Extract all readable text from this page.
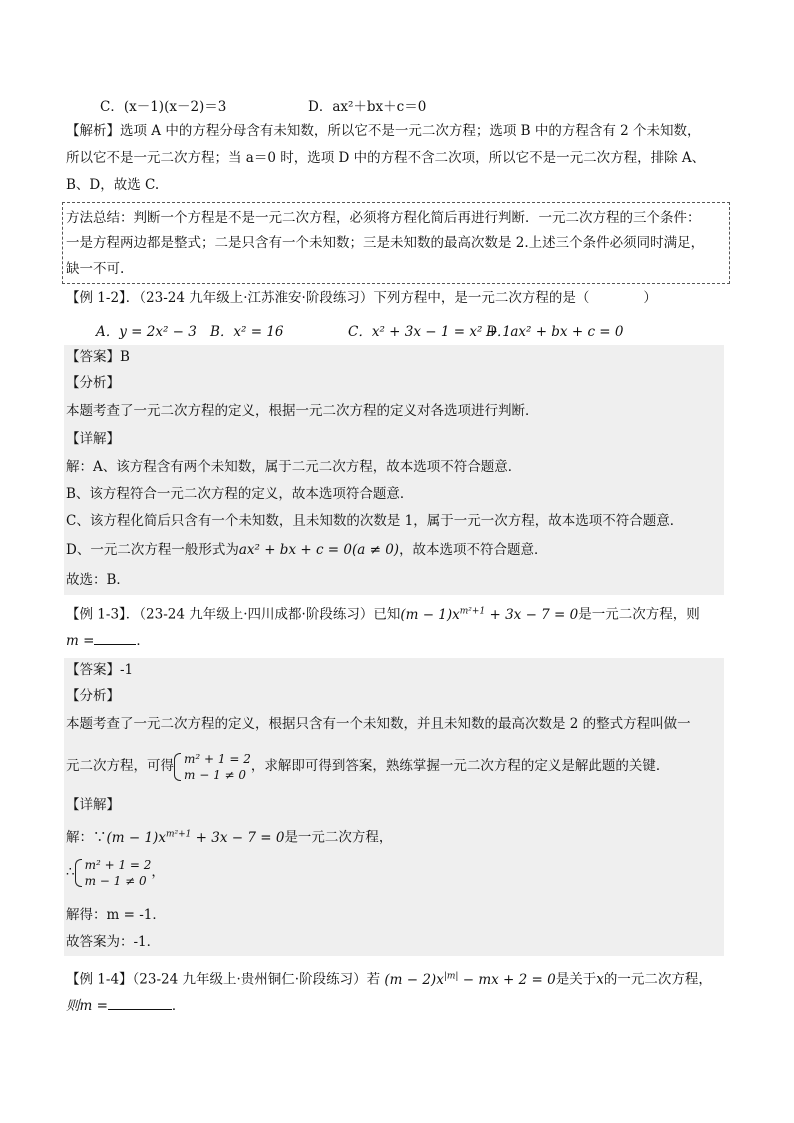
C．(x－1)(x－2)＝3	D．ax²＋bx＋c＝0
【解析】选项 A 中的方程分母含有未知数，所以它不是一元二次方程；选项 B 中的方程含有 2 个未知数，
所以它不是一元二次方程；当 a＝0 时，选项 D 中的方程不含二次项，所以它不是一元二次方程，排除 A、
B、D，故选 C.
方法总结：判断一个方程是不是一元二次方程，必须将方程化简后再进行判断．一元二次方程的三个条件：
一是方程两边都是整式；二是只含有一个未知数；三是未知数的最高次数是 2.上述三个条件必须同时满足，
缺一不可.
【例 1-2】．（23-24 九年级上·江苏淮安·阶段练习）下列方程中，是一元二次方程的是（　　　　）
A．y = 2x² − 3 B．x² = 16	C．x² + 3x − 1 = x² + 1
D．ax² + bx + c = 0
【答案】B
【分析】
本题考查了一元二次方程的定义，根据一元二次方程的定义对各选项进行判断．
【详解】
解：A、该方程含有两个未知数，属于二元二次方程，故本选项不符合题意．
B、该方程符合一元二次方程的定义，故本选项符合题意．
C、该方程化简后只含有一个未知数，且未知数的次数是 1，属于一元一次方程，故本选项不符合题意．
D、一元二次方程一般形式为ax² + bx + c = 0(a ≠ 0)，故本选项不符合题意．
故选：B．
【例 1-3】．（23-24 九年级上·四川成都·阶段练习）已知$(m - 1)x^{m^2+1} + 3x - 7 = 0$是一元二次方程，则
m =	．
【答案】-1
【分析】
本题考查了一元二次方程的定义，根据只含有一个未知数，并且未知数的最高次数是 2 的整式方程叫做一
元二次方程，可得 m² + 1 = 2
m − 1 ≠ 0
，求解即可得到答案，熟练掌握一元二次方程的定义是解此题的关键．
【详解】
解：∵(m − $1)x^{m^2+1} + 3x - 7 = 0$是一元二次方程，
∴ m² + 1 = 2
m − 1 ≠ 0
，
解得：m = -1．
故答案为：-1．
【例 1-4】（23-24 九年级上·贵州铜仁·阶段练习）若 $(m - 2)x^{|m|}$ − mx + 2 = 0是关于x的一元二次方程，
则m =	．
